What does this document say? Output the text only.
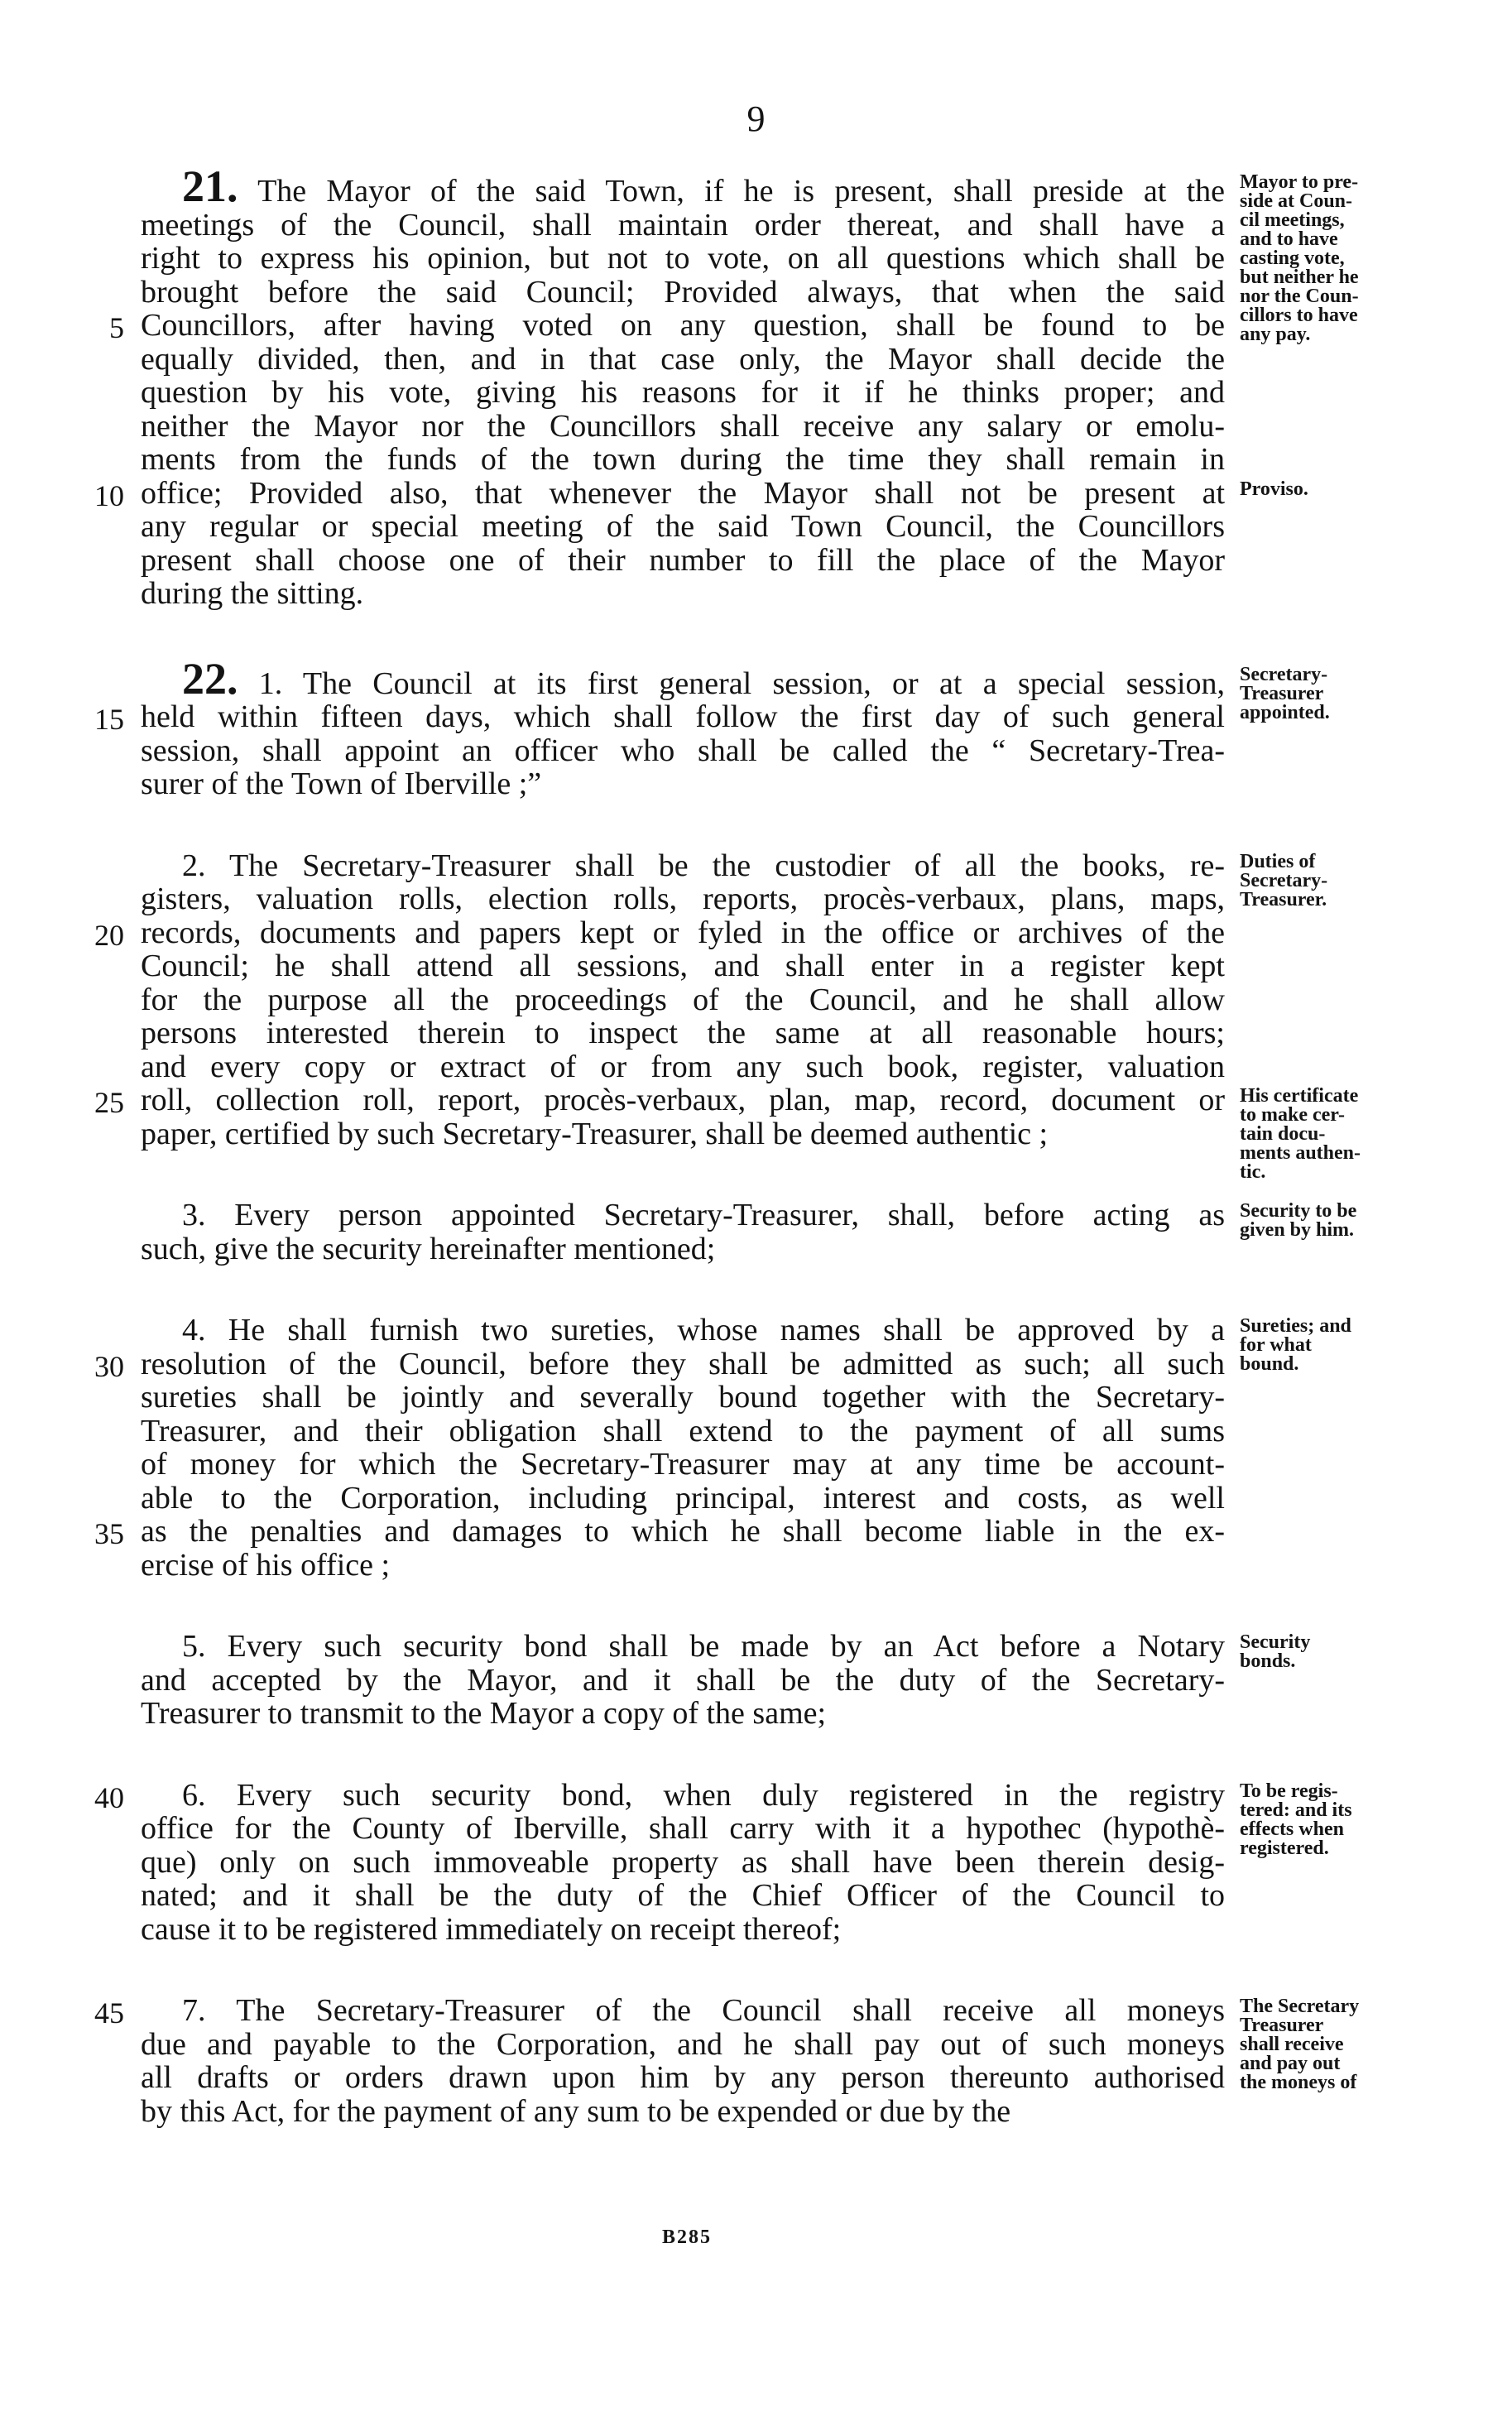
9
21. The Mayor of the said Town, if he is present, shall preside at the
meetings of the Council, shall maintain order thereat, and shall have a
right to express his opinion, but not to vote, on all questions which shall be
brought before the said Council; Provided always, that when the said
Councillors, after having voted on any question, shall be found to be
equally divided, then, and in that case only, the Mayor shall decide the
question by his vote, giving his reasons for it if he thinks proper; and
neither the Mayor nor the Councillors shall receive any salary or emolu-
ments from the funds of the town during the time they shall remain in
office; Provided also, that whenever the Mayor shall not be present at
any regular or special meeting of the said Town Council, the Councillors
present shall choose one of their number to fill the place of the Mayor
during the sitting.
22. 1. The Council at its first general session, or at a special session,
held within fifteen days, which shall follow the first day of such general
session, shall appoint an officer who shall be called the “ Secretary-Trea-
surer of the Town of Iberville ;”
2. The Secretary-Treasurer shall be the custodier of all the books, re-
gisters, valuation rolls, election rolls, reports, procès-verbaux, plans, maps,
records, documents and papers kept or fyled in the office or archives of the
Council; he shall attend all sessions, and shall enter in a register kept
for the purpose all the proceedings of the Council, and he shall allow
persons interested therein to inspect the same at all reasonable hours;
and every copy or extract of or from any such book, register, valuation
roll, collection roll, report, procès-verbaux, plan, map, record, document or
paper, certified by such Secretary-Treasurer, shall be deemed authentic ;
3. Every person appointed Secretary-Treasurer, shall, before acting as
such, give the security hereinafter mentioned;
4. He shall furnish two sureties, whose names shall be approved by a
resolution of the Council, before they shall be admitted as such; all such
sureties shall be jointly and severally bound together with the Secretary-
Treasurer, and their obligation shall extend to the payment of all sums
of money for which the Secretary-Treasurer may at any time be account-
able to the Corporation, including principal, interest and costs, as well
as the penalties and damages to which he shall become liable in the ex-
ercise of his office ;
5. Every such security bond shall be made by an Act before a Notary
and accepted by the Mayor, and it shall be the duty of the Secretary-
Treasurer to transmit to the Mayor a copy of the same;
6. Every such security bond, when duly registered in the registry
office for the County of Iberville, shall carry with it a hypothec (hypothè-
que) only on such immoveable property as shall have been therein desig-
nated; and it shall be the duty of the Chief Officer of the Council to
cause it to be registered immediately on receipt thereof;
7. The Secretary-Treasurer of the Council shall receive all moneys
due and payable to the Corporation, and he shall pay out of such moneys
all drafts or orders drawn upon him by any person thereunto authorised
by this Act, for the payment of any sum to be expended or due by the
Mayor to pre-
side at Coun-
cil meetings,
and to have
casting vote,
but neither he
nor the Coun-
cillors to have
any pay.
Proviso.
Secretary-
Treasurer
appointed.
Duties of
Secretary-
Treasurer.
His certificate
to make cer-
tain docu-
ments authen-
tic.
Security to be
given by him.
Sureties; and
for what
bound.
Security
bonds.
To be regis-
tered: and its
effects when
registered.
The Secretary
Treasurer
shall receive
and pay out
the moneys of
5
10
15
20
25
30
35
40
45
B285
